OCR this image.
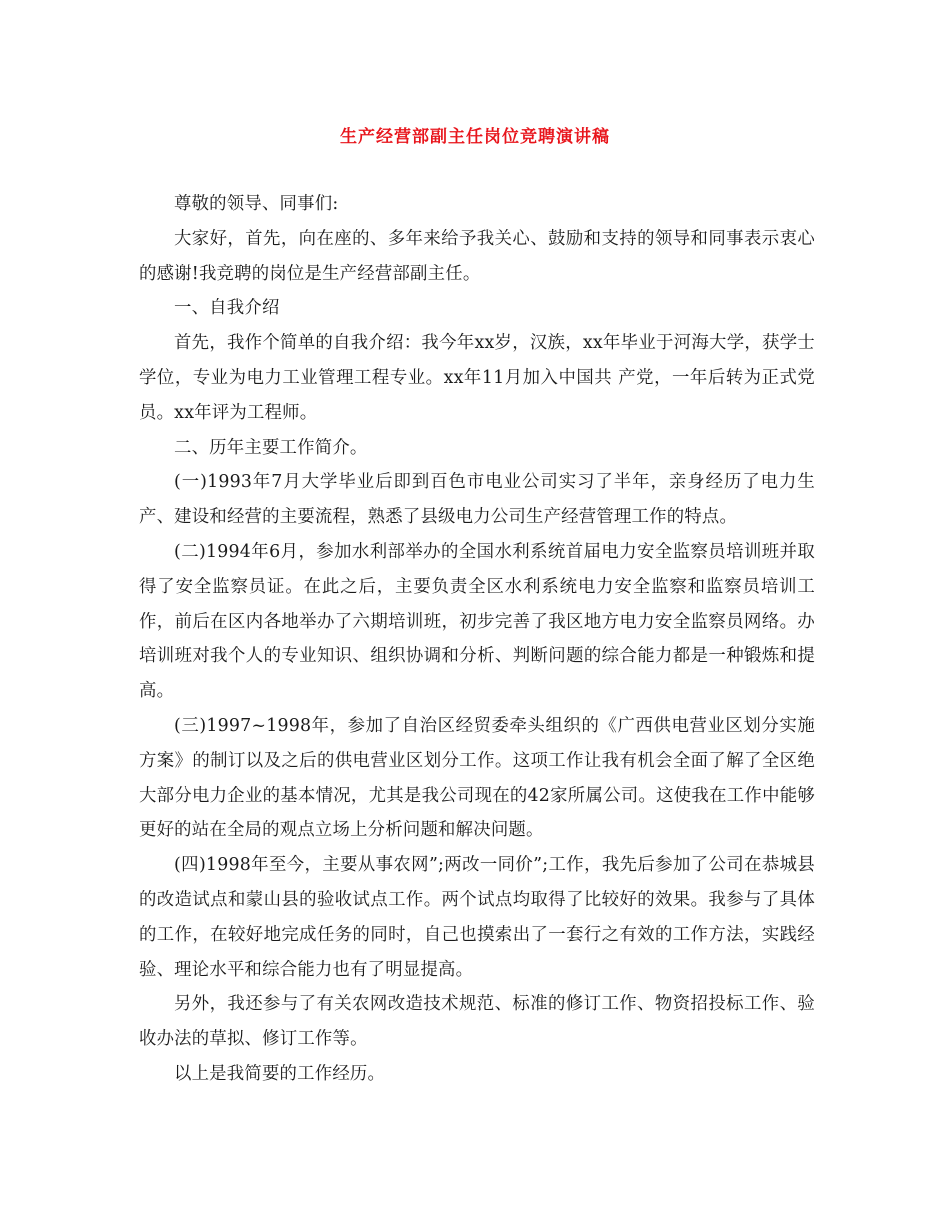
生产经营部副主任岗位竞聘演讲稿

尊敬的领导、同事们:

大家好，首先，向在座的、多年来给予我关心、鼓励和支持的领导和同事表示衷心的感谢!我竞聘的岗位是生产经营部副主任。

一、自我介绍

首先，我作个简单的自我介绍：我今年xx岁，汉族，xx年毕业于河海大学，获学士学位，专业为电力工业管理工程专业。xx年11月加入中国共 产党，一年后转为正式党员。xx年评为工程师。

二、历年主要工作简介。

(一)1993年7月大学毕业后即到百色市电业公司实习了半年，亲身经历了电力生产、建设和经营的主要流程，熟悉了县级电力公司生产经营管理工作的特点。

(二)1994年6月，参加水利部举办的全国水利系统首届电力安全监察员培训班并取得了安全监察员证。在此之后，主要负责全区水利系统电力安全监察和监察员培训工作，前后在区内各地举办了六期培训班，初步完善了我区地方电力安全监察员网络。办培训班对我个人的专业知识、组织协调和分析、判断问题的综合能力都是一种锻炼和提高。

(三)1997~1998年，参加了自治区经贸委牵头组织的《广西供电营业区划分实施方案》的制订以及之后的供电营业区划分工作。这项工作让我有机会全面了解了全区绝大部分电力企业的基本情况，尤其是我公司现在的42家所属公司。这使我在工作中能够更好的站在全局的观点立场上分析问题和解决问题。

(四)1998年至今，主要从事农网”;两改一同价”;工作，我先后参加了公司在恭城县的改造试点和蒙山县的验收试点工作。两个试点均取得了比较好的效果。我参与了具体的工作，在较好地完成任务的同时，自己也摸索出了一套行之有效的工作方法，实践经验、理论水平和综合能力也有了明显提高。

另外，我还参与了有关农网改造技术规范、标准的修订工作、物资招投标工作、验收办法的草拟、修订工作等。

以上是我简要的工作经历。
